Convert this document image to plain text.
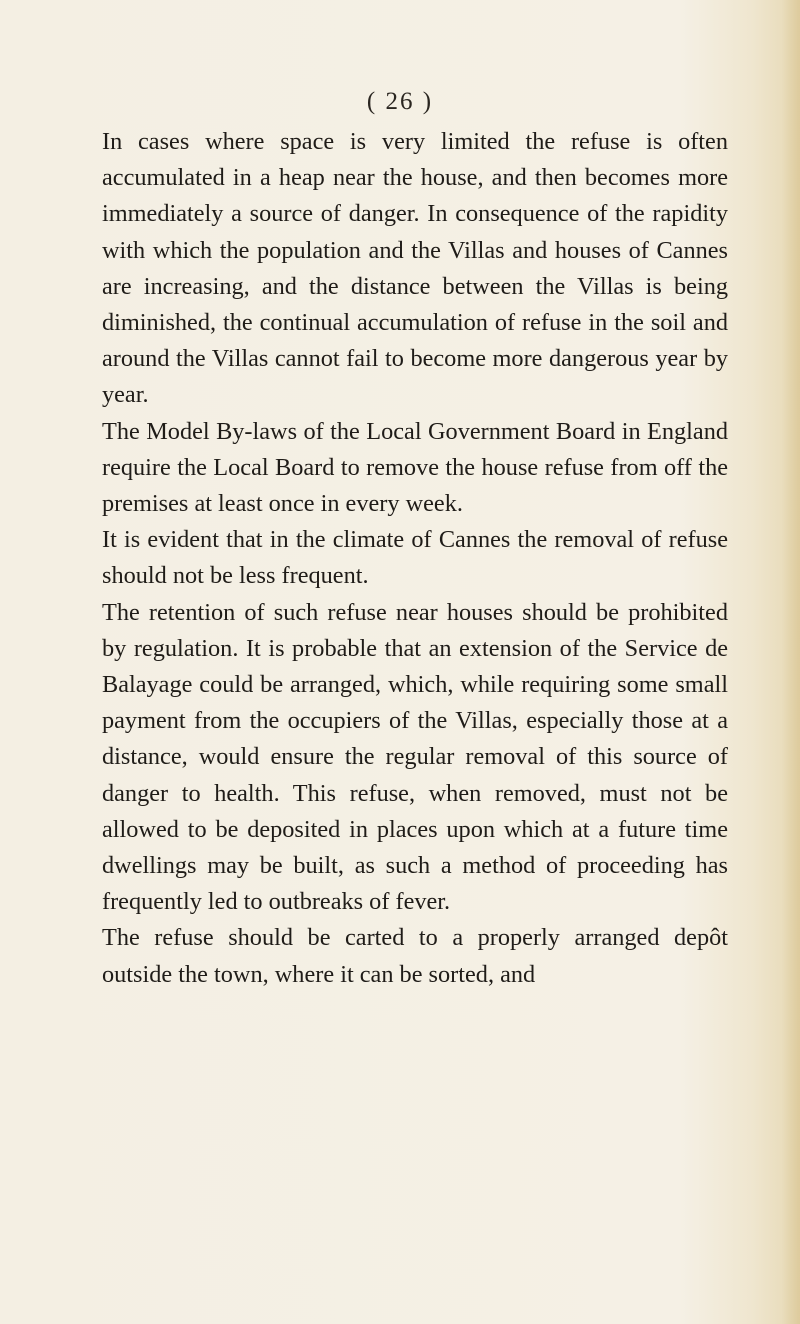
( 26 )

In cases where space is very limited the refuse is often accumulated in a heap near the house, and then becomes more immediately a source of danger. In consequence of the rapidity with which the population and the Villas and houses of Cannes are increasing, and the distance between the Villas is being diminished, the continual accumulation of refuse in the soil and around the Villas cannot fail to become more dangerous year by year.

The Model By-laws of the Local Government Board in England require the Local Board to remove the house refuse from off the premises at least once in every week.

It is evident that in the climate of Cannes the removal of refuse should not be less frequent.

The retention of such refuse near houses should be prohibited by regulation. It is probable that an extension of the Service de Balayage could be arranged, which, while requiring some small payment from the occupiers of the Villas, especially those at a distance, would ensure the regular removal of this source of danger to health. This refuse, when removed, must not be allowed to be deposited in places upon which at a future time dwellings may be built, as such a method of proceeding has frequently led to outbreaks of fever.

The refuse should be carted to a properly arranged depôt outside the town, where it can be sorted, and
